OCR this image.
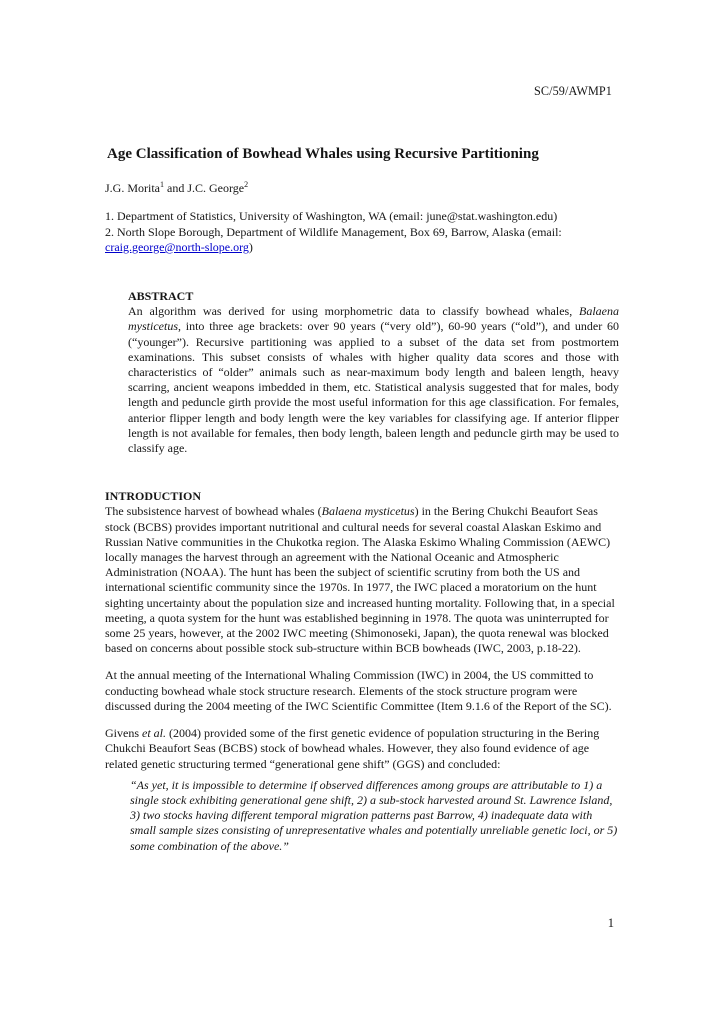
SC/59/AWMP1
Age Classification of Bowhead Whales using Recursive Partitioning

J.G. Morita$^1$ and J.C. George$^2$

1. Department of Statistics, University of Washington, WA (email: june@stat.washington.edu)
2. North Slope Borough, Department of Wildlife Management, Box 69, Barrow, Alaska (email:
craig.george@north-slope.org)

ABSTRACT

An algorithm was derived for using morphometric data to classify bowhead whales, Balaena mysticetus, into three age brackets: over 90 years (“very old”), 60-90 years (“old”), and under 60 (“younger”). Recursive partitioning was applied to a subset of the data set from postmortem examinations. This subset consists of whales with higher quality data scores and those with characteristics of “older” animals such as near-maximum body length and baleen length, heavy scarring, ancient weapons imbedded in them, etc. Statistical analysis suggested that for males, body length and peduncle girth provide the most useful information for this age classification. For females, anterior flipper length and body length were the key variables for classifying age. If anterior flipper length is not available for females, then body length, baleen length and peduncle girth may be used to classify age.

INTRODUCTION

The subsistence harvest of bowhead whales (Balaena mysticetus) in the Bering Chukchi Beaufort Seas stock (BCBS) provides important nutritional and cultural needs for several coastal Alaskan Eskimo and Russian Native communities in the Chukotka region. The Alaska Eskimo Whaling Commission (AEWC) locally manages the harvest through an agreement with the National Oceanic and Atmospheric Administration (NOAA). The hunt has been the subject of scientific scrutiny from both the US and international scientific community since the 1970s. In 1977, the IWC placed a moratorium on the hunt sighting uncertainty about the population size and increased hunting mortality. Following that, in a special meeting, a quota system for the hunt was established beginning in 1978. The quota was uninterrupted for some 25 years, however, at the 2002 IWC meeting (Shimonoseki, Japan), the quota renewal was blocked based on concerns about possible stock sub-structure within BCB bowheads (IWC, 2003, p.18-22).

At the annual meeting of the International Whaling Commission (IWC) in 2004, the US committed to conducting bowhead whale stock structure research. Elements of the stock structure program were discussed during the 2004 meeting of the IWC Scientific Committee (Item 9.1.6 of the Report of the SC).

Givens et al. (2004) provided some of the first genetic evidence of population structuring in the Bering Chukchi Beaufort Seas (BCBS) stock of bowhead whales. However, they also found evidence of age related genetic structuring termed “generational gene shift” (GGS) and concluded:

“As yet, it is impossible to determine if observed differences among groups are attributable to 1) a single stock exhibiting generational gene shift, 2) a sub-stock harvested around St. Lawrence Island, 3) two stocks having different temporal migration patterns past Barrow, 4) inadequate data with small sample sizes consisting of unrepresentative whales and potentially unreliable genetic loci, or 5) some combination of the above.”

1
